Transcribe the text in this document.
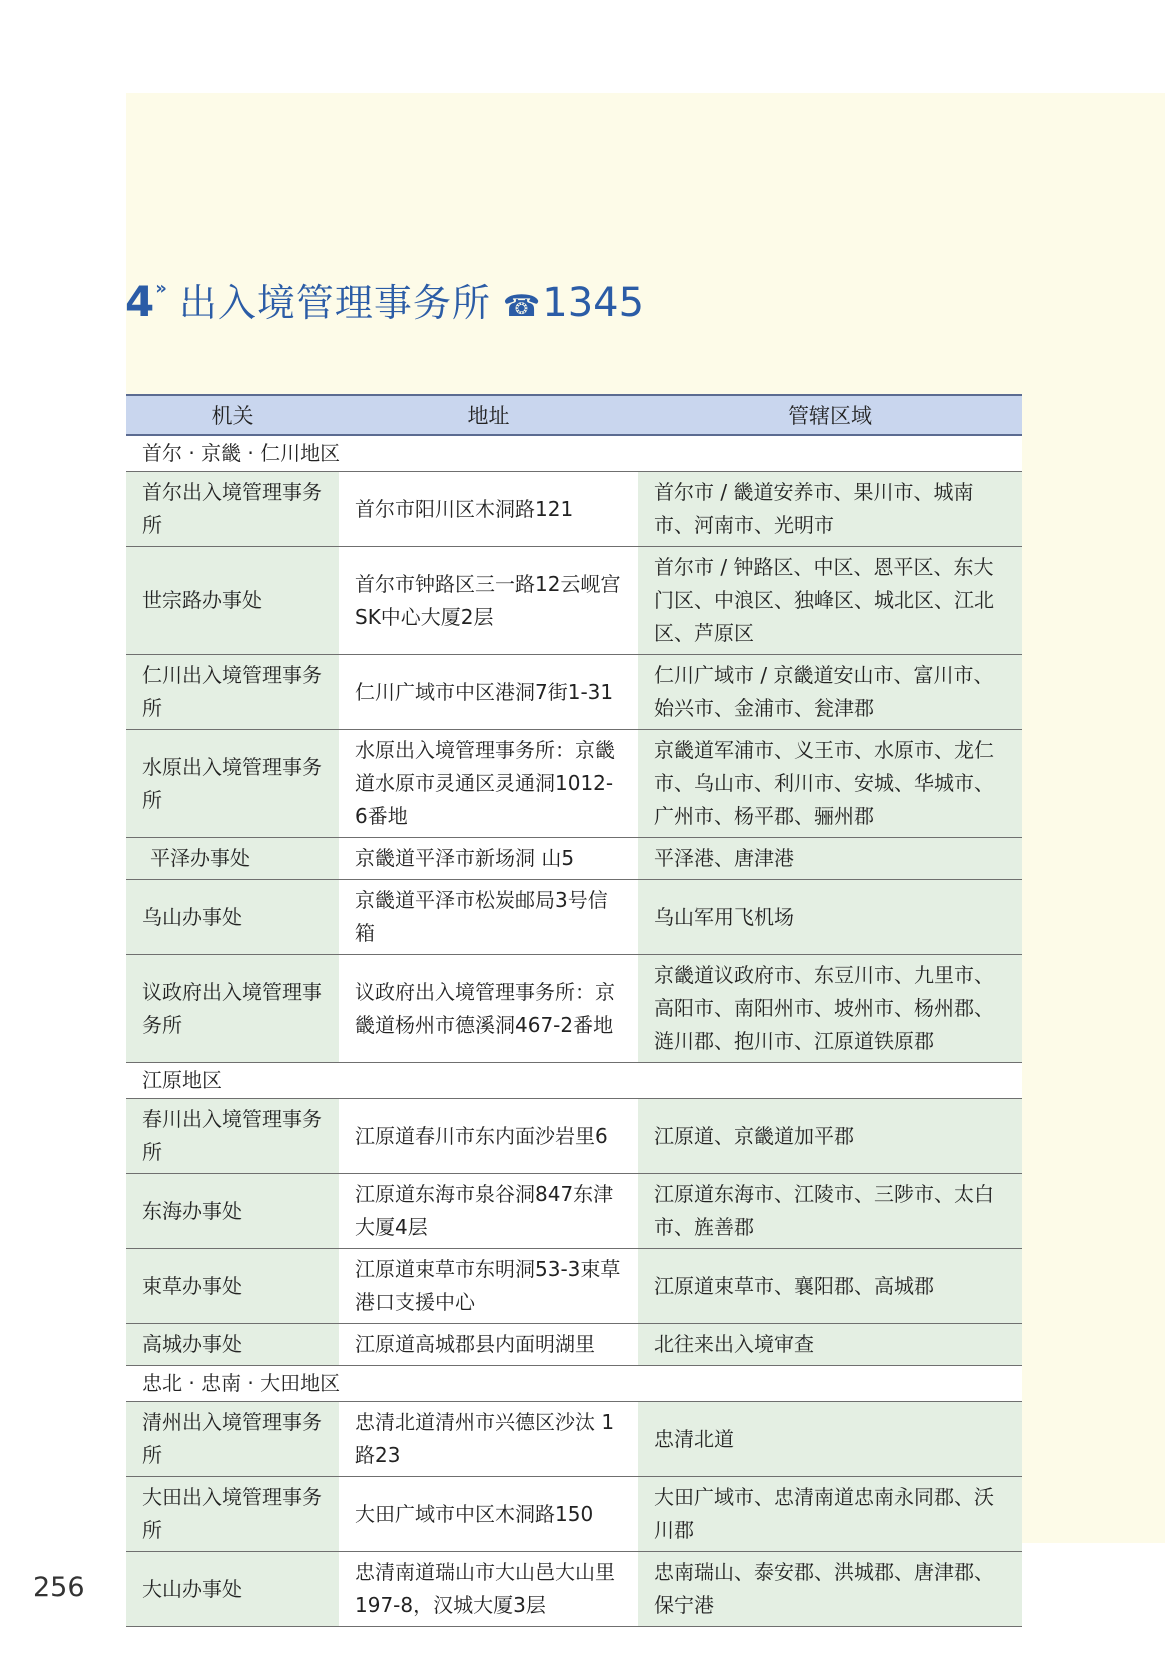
4 » 出入境管理事务所 ☎ 1345
机关	地址	管辖区域
首尔 · 京畿 · 仁川地区		
首尔出入境管理事务所	首尔市阳川区木洞路121	首尔市 / 畿道安养市、果川市、城南市、河南市、光明市
世宗路办事处	首尔市钟路区三一路12云岘宫SK中心大厦2层	首尔市 / 钟路区、中区、恩平区、东大门区、中浪区、独峰区、城北区、江北区、芦原区
仁川出入境管理事务所	仁川广域市中区港洞7街1-31	仁川广域市 / 京畿道安山市、富川市、始兴市、金浦市、瓮津郡
水原出入境管理事务所	水原出入境管理事务所：京畿道水原市灵通区灵通洞1012-6番地	京畿道军浦市、义王市、水原市、龙仁市、乌山市、利川市、安城、华城市、广州市、杨平郡、骊州郡
平泽办事处	京畿道平泽市新场洞 山5	平泽港、唐津港
乌山办事处	京畿道平泽市松炭邮局3号信箱	乌山军用飞机场
议政府出入境管理事务所	议政府出入境管理事务所：京畿道杨州市德溪洞467-2番地	京畿道议政府市、东豆川市、九里市、高阳市、南阳州市、坡州市、杨州郡、涟川郡、抱川市、江原道铁原郡
江原地区		
春川出入境管理事务所	江原道春川市东内面沙岩里6	江原道、京畿道加平郡
东海办事处	江原道东海市泉谷洞847东津大厦4层	江原道东海市、江陵市、三陟市、太白市、旌善郡
束草办事处	江原道束草市东明洞53-3束草港口支援中心	江原道束草市、襄阳郡、高城郡
高城办事处	江原道高城郡县内面明湖里	北往来出入境审查
忠北 · 忠南 · 大田地区		
清州出入境管理事务所	忠清北道清州市兴德区沙汰 1路23	忠清北道
大田出入境管理事务所	大田广域市中区木洞路150	大田广域市、忠清南道忠南永同郡、沃川郡
大山办事处	忠清南道瑞山市大山邑大山里197-8，汉城大厦3层	忠南瑞山、泰安郡、洪城郡、唐津郡、保宁港
256
